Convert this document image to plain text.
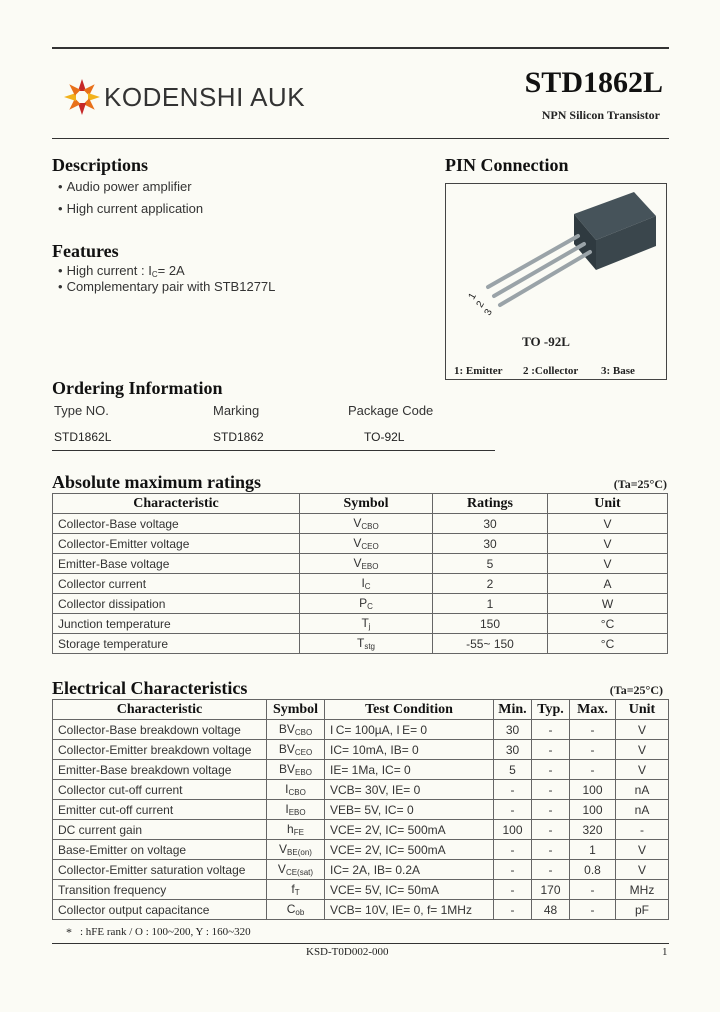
KODENSHI AUK	STD1862L
NPN Silicon Transistor
Descriptions
• Audio power amplifier
• High current application
Features
• High current : $I_C= 2A$
• Complementary pair with STB1277L
PIN Connection
1
2
3
TO -92L
1: Emitter 2 :Collector 3: Base
Ordering Information
Type NO.	Marking	Package Code
STD1862L	STD1862	TO-92L
Absolute maximum ratings	(Ta=25°C)
Characteristic	Symbol	Ratings	Unit
Collector-Base voltage	$V_{CBO}$	30	V
Collector-Emitter voltage	$V_{CEO}$	30	V
Emitter-Base voltage	$V_{EBO}$	5	V
Collector current	$I_C$	2	A
Collector dissipation	$P_C$	1	W
Junction temperature	$T_j$	150	°C
Storage temperature	$T_{stg}$	-55~ 150	°C
Electrical Characteristics	(Ta=25°C)
Characteristic	Symbol	Test Condition	Min.	Typ.	Max.	Unit
Collector-Base breakdown voltage	$BV_{CBO}$	I C= 100µA, I E= 0	30	-	-	V
Collector-Emitter breakdown voltage	$BV_{CEO}$	IC= 10mA, IB= 0	30	-	-	V
Emitter-Base breakdown voltage	$BV_{EBO}$	IE= 1Ma, IC= 0	5	-	-	V
Collector cut-off current	$I_{CBO}$	VCB= 30V, IE= 0	-	-	100	nA
Emitter cut-off current	$I_{EBO}$	VEB= 5V, IC= 0	-	-	100	nA
DC current gain	$h_{FE}$	VCE= 2V, IC= 500mA	100	-	320	-
Base-Emitter on voltage	$V_{BE(on)}$	VCE= 2V, IC= 500mA	-	-	1	V
Collector-Emitter saturation voltage	$V_{CE(sat)}$	IC= 2A, IB= 0.2A	-	-	0.8	V
Transition frequency	$f_T$	VCE= 5V, IC= 50mA	-	170	-	MHz
Collector output capacitance	$C_{ob}$	VCB= 10V, IE= 0, f= 1MHz	-	48	-	pF
* : hFE rank / O : 100~200, Y : 160~320
KSD-T0D002-000	1
